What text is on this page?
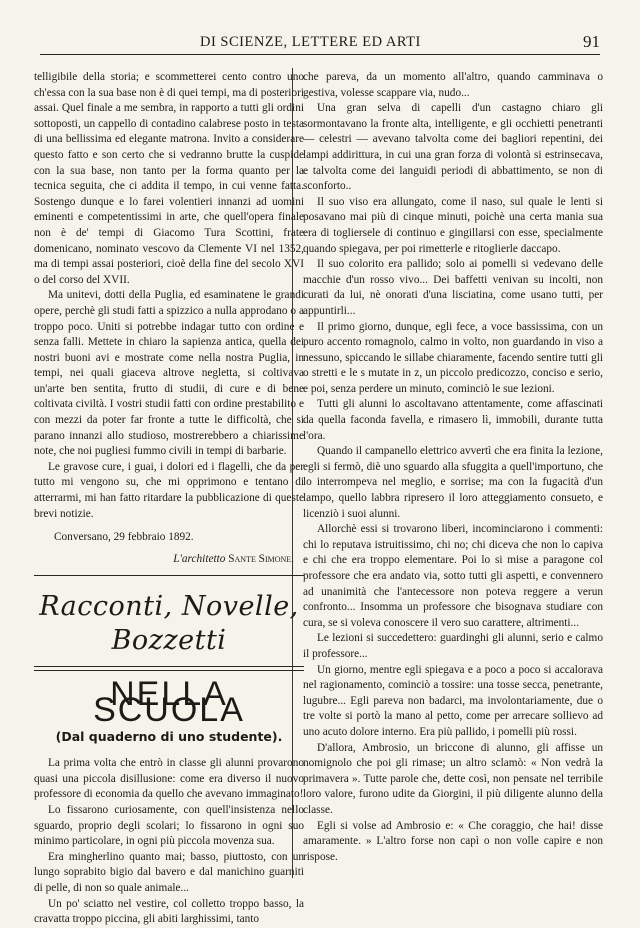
DI SCIENZE, LETTERE ED ARTI	91

telligibile della storia; e scommetterei cento contro uno ch'essa con la sua base non è di quei tempi, ma di posteriori assai. Quel finale a me sembra, in rapporto a tutti gli ordini sottoposti, un cappello di contadino calabrese posto in testa di una bellissima ed elegante matrona. Invito a considerare questo fatto e son certo che si vedranno brutte la cuspide con la sua base, non tanto per la forma quanto per la tecnica seguita, che ci addita il tempo, in cui venne fatta. Sostengo dunque e lo farei volentieri innanzi ad uomini eminenti e competentissimi in arte, che quell'opera finale non è de' tempi di Giacomo Tura Scottini, frate domenicano, nominato vescovo da Clemente VI nel 1352, ma di tempi assai posteriori, cioè della fine del secolo XVI o del corso del XVII.

Ma unitevi, dotti della Puglia, ed esaminatene le grandi opere, perchè gli studi fatti a spizzico a nulla approdano o a troppo poco. Uniti si potrebbe indagar tutto con ordine e senza falli. Mettete in chiaro la sapienza antica, quella dei nostri buoni avi e mostrate come nella nostra Puglia, in tempi, nei quali giaceva altrove negletta, si coltivava un'arte ben sentita, frutto di studii, di cure e di bene coltivata civiltà. I vostri studii fatti con ordine prestabilito e con mezzi da poter far fronte a tutte le difficoltà, che si parano innanzi allo studioso, mostrerebbero a chiarissime note, che noi pugliesi fummo civili in tempi di barbarie.

Le gravose cure, i guai, i dolori ed i flagelli, che da per tutto mi vengono su, che mi opprimono e tentano di atterrarmi, mi han fatto ritardare la pubblicazione di queste brevi notizie.

Conversano, 29 febbraio 1892.

L'architetto Sante Simone.
Racconti, Novelle, Bozzetti
NELLA SCUOLA
(Dal quaderno di uno studente).

La prima volta che entrò in classe gli alunni provarono quasi una piccola disillusione: come era diverso il nuovo professore di economia da quello che avevano immaginato!

Lo fissarono curiosamente, con quell'insistenza nello sguardo, proprio degli scolari; lo fissarono in ogni suo minimo particolare, in ogni più piccola movenza sua.

Era mingherlino quanto mai; basso, piuttosto, con un lungo soprabito bigio dal bavero e dal manichino guarniti di pelle, di non so quale animale...

Un po' sciatto nel vestire, col colletto troppo basso, la cravatta troppo piccina, gli abiti larghissimi, tanto

che pareva, da un momento all'altro, quando camminava o gestiva, volesse scappare via, nudo...

Una gran selva di capelli d'un castagno chiaro gli sormontavano la fronte alta, intelligente, e gli occhietti penetranti — celestri — avevano talvolta come dei bagliori repentini, dei lampi addirittura, in cui una gran forza di volontà si estrinsecava, e talvolta come dei languidi periodi di abbattimento, se non di sconforto..

Il suo viso era allungato, come il naso, sul quale le lenti si posavano mai più di cinque minuti, poichè una certa mania sua era di togliersele di continuo e gingillarsi con esse, specialmente quando spiegava, per poi rimetterle e ritoglierle daccapo.

Il suo colorito era pallido; solo ai pomelli si vedevano delle macchie d'un rosso vivo... Dei baffetti venivan su incolti, non curati da lui, nè onorati d'una lisciatina, come usano tutti, per appuntirli...

Il primo giorno, dunque, egli fece, a voce bassissima, con un puro accento romagnolo, calmo in volto, non guardando in viso a nessuno, spiccando le sillabe chiaramente, facendo sentire tutti gli o stretti e le s mutate in z, un piccolo predicozzo, conciso e serio, e poi, senza perdere un minuto, cominciò le sue lezioni.

Tutti gli alunni lo ascoltavano attentamente, come affascinati da quella faconda favella, e rimasero lì, immobili, durante tutta l'ora.

Quando il campanello elettrico avvertì che era finita la lezione, egli si fermò, diè uno sguardo alla sfuggita a quell'importuno, che lo interrompeva nel meglio, e sorrise; ma con la fugacità d'un lampo, quello labbra ripresero il loro atteggiamento consueto, e licenziò i suoi alunni.

Allorchè essi si trovarono liberi, incominciarono i commenti: chi lo reputava istruitissimo, chi no; chi diceva che non lo capiva e chi che era troppo elementare. Poi lo si mise a paragone col professore che era andato via, sotto tutti gli aspetti, e convennero ad unanimità che l'antecessore non poteva reggere a verun confronto... Insomma un professore che bisognava studiare con cura, se si voleva conoscere il vero suo carattere, altrimenti...

Le lezioni si succedettero: guardinghi gli alunni, serio e calmo il professore...

Un giorno, mentre egli spiegava e a poco a poco si accalorava nel ragionamento, cominciò a tossire: una tosse secca, penetrante, lugubre... Egli pareva non badarci, ma involontariamente, due o tre volte si portò la mano al petto, come per arrecare sollievo ad uno acuto dolore interno. Era più pallido, i pomelli più rossi.

D'allora, Ambrosio, un briccone di alunno, gli affisse un nomignolo che poi gli rimase; un altro sclamò: « Non vedrà la primavera ». Tutte parole che, dette così, non pensate nel terribile loro valore, furono udite da Giorgini, il più diligente alunno della classe.

Egli si volse ad Ambrosio e: « Che coraggio, che hai! disse amaramente. » L'altro forse non capì o non volle capire e non rispose.
